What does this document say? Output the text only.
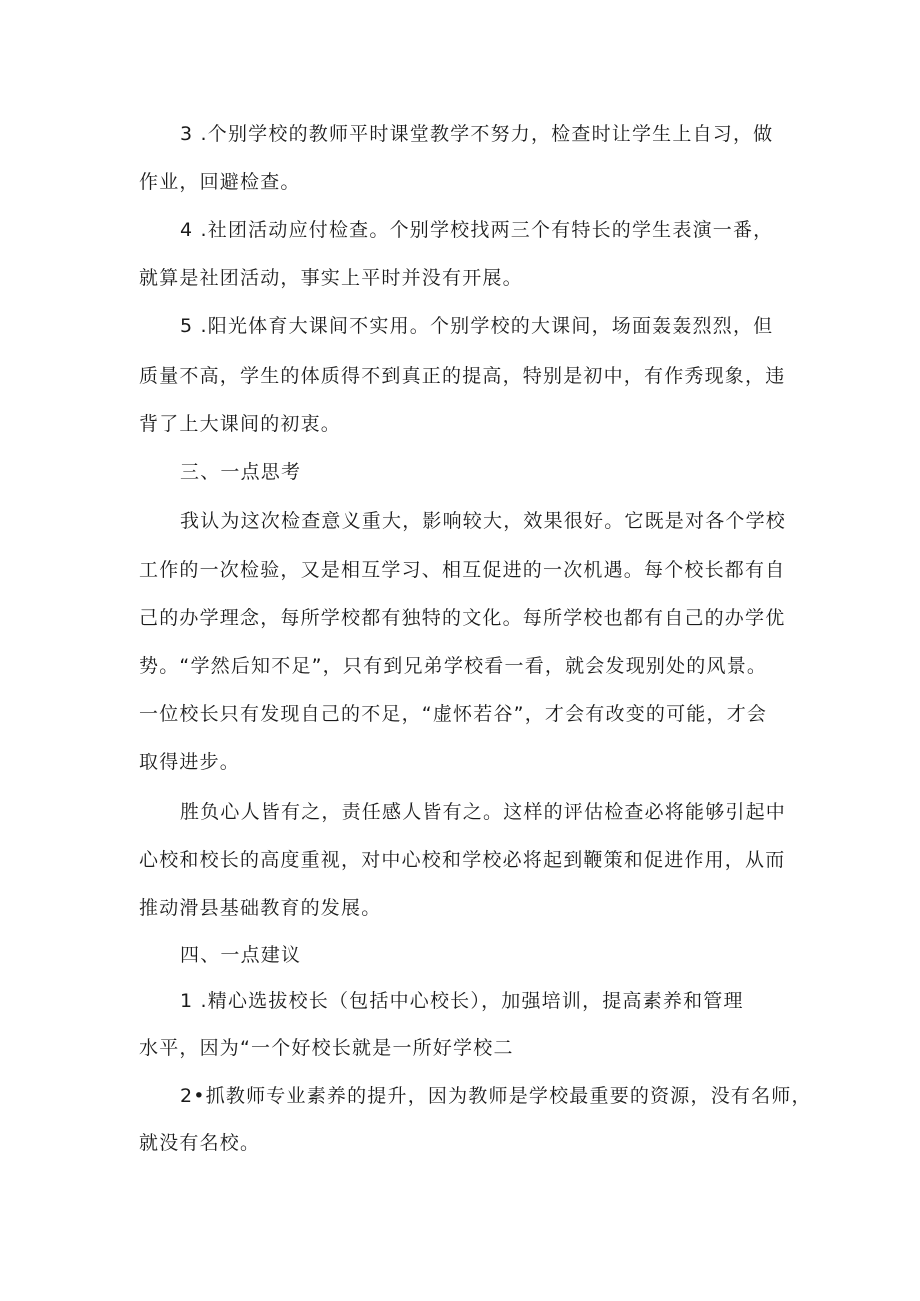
3 .个别学校的教师平时课堂教学不努力，检查时让学生上自习，做
作业，回避检查。
4 .社团活动应付检查。个别学校找两三个有特长的学生表演一番，
就算是社团活动，事实上平时并没有开展。
5 .阳光体育大课间不实用。个别学校的大课间，场面轰轰烈烈，但
质量不高，学生的体质得不到真正的提高，特别是初中，有作秀现象，违
背了上大课间的初衷。
三、一点思考
我认为这次检查意义重大，影响较大，效果很好。它既是对各个学校
工作的一次检验，又是相互学习、相互促进的一次机遇。每个校长都有自
己的办学理念，每所学校都有独特的文化。每所学校也都有自己的办学优
势。“学然后知不足”，只有到兄弟学校看一看，就会发现别处的风景。
一位校长只有发现自己的不足，“虚怀若谷”，才会有改变的可能，才会
取得进步。
胜负心人皆有之，责任感人皆有之。这样的评估检查必将能够引起中
心校和校长的高度重视，对中心校和学校必将起到鞭策和促进作用，从而
推动滑县基础教育的发展。
四、一点建议
1 .精心选拔校长（包括中心校长），加强培训，提高素养和管理
水平，因为“一个好校长就是一所好学校二
2•抓教师专业素养的提升，因为教师是学校最重要的资源，没有名师，
就没有名校。
